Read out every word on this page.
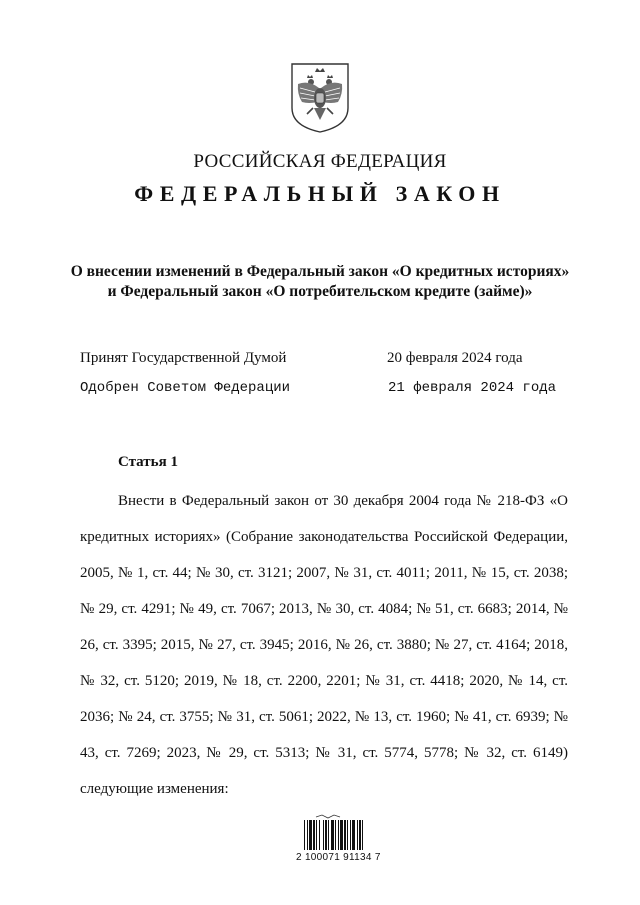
РОССИЙСКАЯ ФЕДЕРАЦИЯ
ФЕДЕРАЛЬНЫЙ ЗАКОН
О внесении изменений в Федеральный закон «О кредитных историях»
и Федеральный закон «О потребительском кредите (займе)»
Принят Государственной Думой	20 февраля 2024 года
Одобрен Советом Федерации	21 февраля 2024 года
Статья 1
Внести в Федеральный закон от 30 декабря 2004 года № 218-ФЗ «О кредитных историях» (Собрание законодательства Российской Федерации, 2005, № 1, ст. 44; № 30, ст. 3121; 2007, № 31, ст. 4011; 2011, № 15, ст. 2038; № 29, ст. 4291; № 49, ст. 7067; 2013, № 30, ст. 4084; № 51, ст. 6683; 2014, № 26, ст. 3395; 2015, № 27, ст. 3945; 2016, № 26, ст. 3880; № 27, ст. 4164; 2018, № 32, ст. 5120; 2019, № 18, ст. 2200, 2201; № 31, ст. 4418; 2020, № 14, ст. 2036; № 24, ст. 3755; № 31, ст. 5061; 2022, № 13, ст. 1960; № 41, ст. 6939; № 43, ст. 7269; 2023, № 29, ст. 5313; № 31, ст. 5774, 5778; № 32, ст. 6149) следующие изменения:
2 100071 91134 7
